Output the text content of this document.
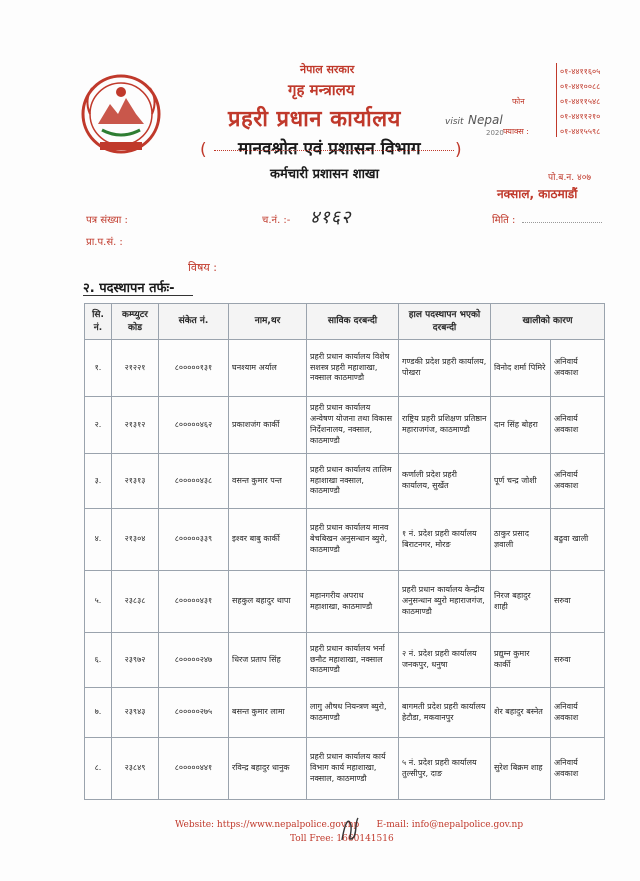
नेपाल सरकार
गृह मन्त्रालय
प्रहरी प्रधान कार्यालय
( मानवश्रोत एवं प्रशासन विभाग )
कर्मचारी प्रशासन शाखा
visit Nepal
2020
फोन
फ्याक्स :
०१-४४११६०५
०१-४४१००८८
०१-४४११५४८
०१-४४११२१०
०१-४४१५५९८
पो.ब.न. ४०७
नक्साल, काठमाडौं
पत्र संख्या :	च.नं. :- ४१६२	मिति :
प्रा.प.सं. :
विषय :
२. पदस्थापन तर्फः-
सि. नं.	कम्प्युटर कोड	संकेत नं.	नाम,थर	साविक दरबन्दी	हाल पदस्थापन भएको दरबन्दी	खालीको कारण	
१.	२१२२१	८०००००१३१	घनश्याम अर्याल	प्रहरी प्रधान कार्यालय विशेष सशस्त्र प्रहरी महाशाखा, नक्साल काठमाण्डौ	गण्डकी प्रदेश प्रहरी कार्यालय, पोखरा	विनोद शर्मा पिमिरे	अनिवार्य अवकाश
२.	२१३१२	८०००००४६२	प्रकाशजंग कार्की	प्रहरी प्रधान कार्यालय अन्वेषण योजना तथा विकास निर्देशनालय, नक्साल, काठमाण्डौ	राष्ट्रिय प्रहरी प्रशिक्षण प्रतिष्ठान महाराजगंज, काठमाण्डौ	दान सिंह बोहरा	अनिवार्य अवकाश
३.	२१३१३	८०००००४३८	वसन्त कुमार पन्त	प्रहरी प्रधान कार्यालय तालिम महाशाखा नक्साल, काठमाण्डौ	कर्णाली प्रदेश प्रहरी कार्यालय, सुर्खेत	पूर्ण चन्द्र जोशी	अनिवार्य अवकाश
४.	२१३०४	८०००००३३९	इश्वर बाबु कार्की	प्रहरी प्रधान कार्यालय मानव बेचबिखन अनुसन्धान ब्युरो, काठमाण्डौ	१ नं. प्रदेश प्रहरी कार्यालय बिराटनगर, मोरङ	ठाकुर प्रसाद ज्ञवाली	बढुवा खाली
५.	२३८३८	८०००००४३१	सहकुल बहादुर थापा	महानगरीय अपराध महाशाखा, काठमाण्डौ	प्रहरी प्रधान कार्यालय केन्द्रीय अनुसन्धान ब्युरो महाराजगंज, काठमाण्डौ	निरज बहादुर शाही	सरुवा
६.	२३९७२	८०००००२४७	धिरज प्रताप सिंह	प्रहरी प्रधान कार्यालय भर्ना छनौट महाशाखा, नक्साल काठमाण्डौ	२ नं. प्रदेश प्रहरी कार्यालय जनकपुर, धनुषा	प्रद्युम्न कुमार कार्की	सरुवा
७.	२३९४३	८०००००२७५	बसन्त कुमार लामा	लागु औषध नियन्त्रण ब्युरो, काठमाण्डौ	बागमती प्रदेश प्रहरी कार्यालय हेटौडा, मकवानपुर	शेर बहादुर बस्नेत	अनिवार्य अवकाश
८.	२३८४९	८०००००४४१	रविन्द्र बहादुर धानुक	प्रहरी प्रधान कार्यालय कार्य विभाग कार्य महाशाखा, नक्साल, काठमाण्डौ	५ नं. प्रदेश प्रहरी कार्यालय तुल्सीपुर, दाङ	सुरेश बिक्रम शाह	अनिवार्य अवकाश
Website: https://www.nepalpolice.gov.np E-mail: info@nepalpolice.gov.np
Toll Free: 1660141516
